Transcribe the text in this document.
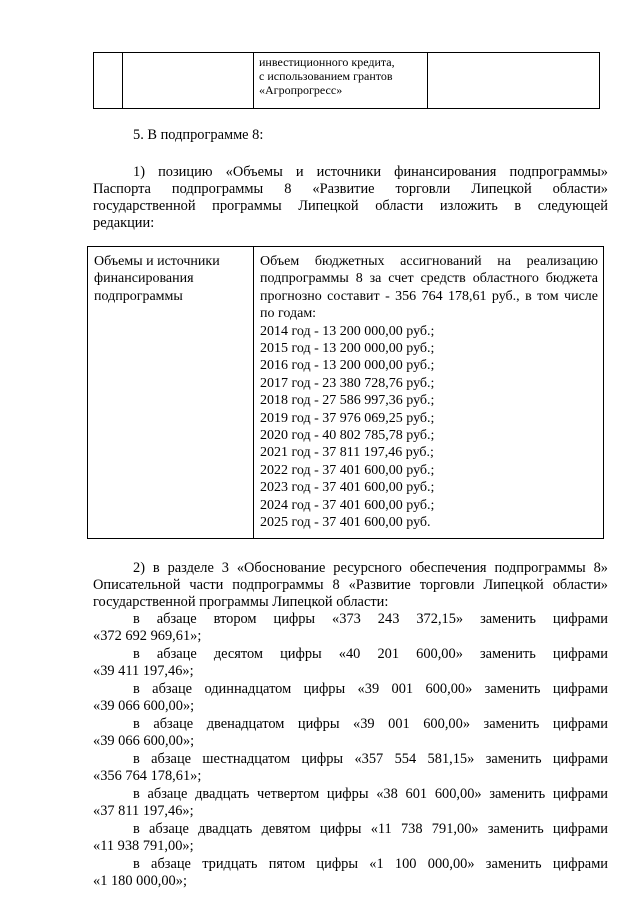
инвестиционного кредита,
с использованием грантов
«Агропрогресс»

5. В подпрограмме 8:
1) позицию «Объемы и источники финансирования подпрограммы»
Паспорта подпрограммы 8 «Развитие торговли Липецкой области»
государственной программы Липецкой области изложить в следующей
редакции:
Объемы и источники
финансирования
подпрограммы

Объем бюджетных ассигнований на реализацию подпрограммы 8 за счет средств областного бюджета прогнозно составит - 356 764 178,61 руб., в том числе по годам:
2014 год - 13 200 000,00 руб.;
2015 год - 13 200 000,00 руб.;
2016 год - 13 200 000,00 руб.;
2017 год - 23 380 728,76 руб.;
2018 год - 27 586 997,36 руб.;
2019 год - 37 976 069,25 руб.;
2020 год - 40 802 785,78 руб.;
2021 год - 37 811 197,46 руб.;
2022 год - 37 401 600,00 руб.;
2023 год - 37 401 600,00 руб.;
2024 год - 37 401 600,00 руб.;
2025 год - 37 401 600,00 руб.
2) в разделе 3 «Обоснование ресурсного обеспечения подпрограммы 8»
Описательной части подпрограммы 8 «Развитие торговли Липецкой области»
государственной программы Липецкой области:
в абзаце втором цифры «373 243 372,15» заменить цифрами
«372 692 969,61»;
в абзаце десятом цифры «40 201 600,00» заменить цифрами
«39 411 197,46»;
в абзаце одиннадцатом цифры «39 001 600,00» заменить цифрами
«39 066 600,00»;
в абзаце двенадцатом цифры «39 001 600,00» заменить цифрами
«39 066 600,00»;
в абзаце шестнадцатом цифры «357 554 581,15» заменить цифрами
«356 764 178,61»;
в абзаце двадцать четвертом цифры «38 601 600,00» заменить цифрами
«37 811 197,46»;
в абзаце двадцать девятом цифры «11 738 791,00» заменить цифрами
«11 938 791,00»;
в абзаце тридцать пятом цифры «1 100 000,00» заменить цифрами
«1 180 000,00»;
